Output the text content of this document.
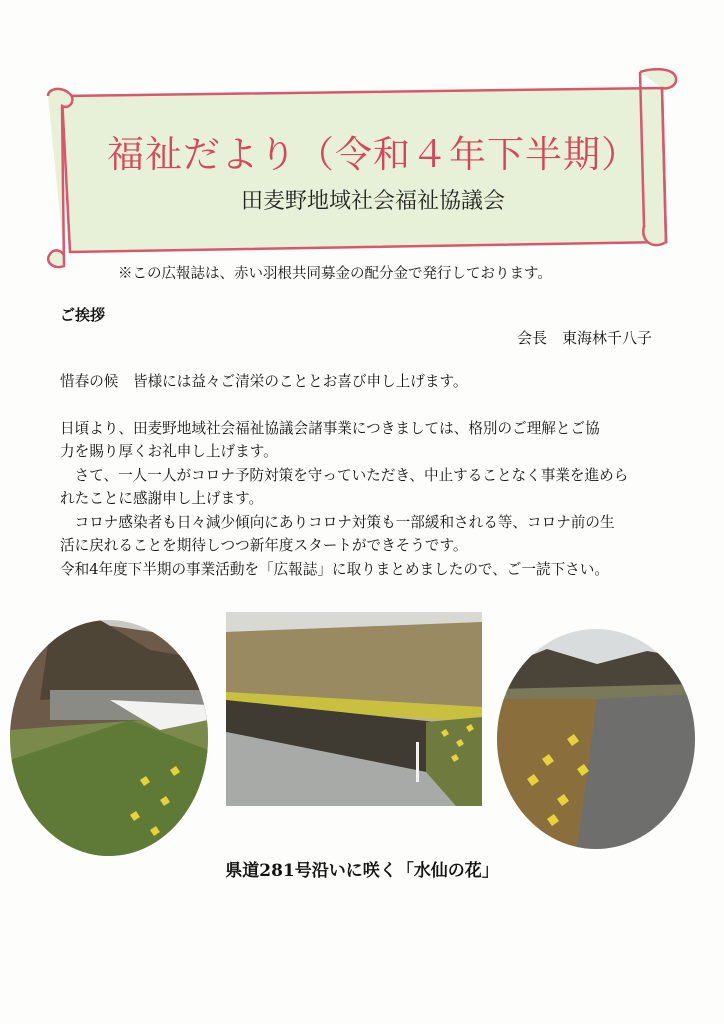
福祉だより（令和４年下半期）
田麦野地域社会福祉協議会
※この広報誌は、赤い羽根共同募金の配分金で発行しております。
ご挨拶
会長　東海林千八子

惜春の候　皆様には益々ご清栄のこととお喜び申し上げます。

日頃より、田麦野地域社会福祉協議会諸事業につきましては、格別のご理解とご協

力を賜り厚くお礼申し上げます。

　さて、一人一人がコロナ予防対策を守っていただき、中止することなく事業を進めら

れたことに感謝申し上げます。

　コロナ感染者も日々減少傾向にありコロナ対策も一部緩和される等、コロナ前の生

活に戻れることを期待しつつ新年度スタートができそうです。

令和4年度下半期の事業活動を「広報誌」に取りまとめましたので、ご一読下さい。

県道281号沿いに咲く「水仙の花」
